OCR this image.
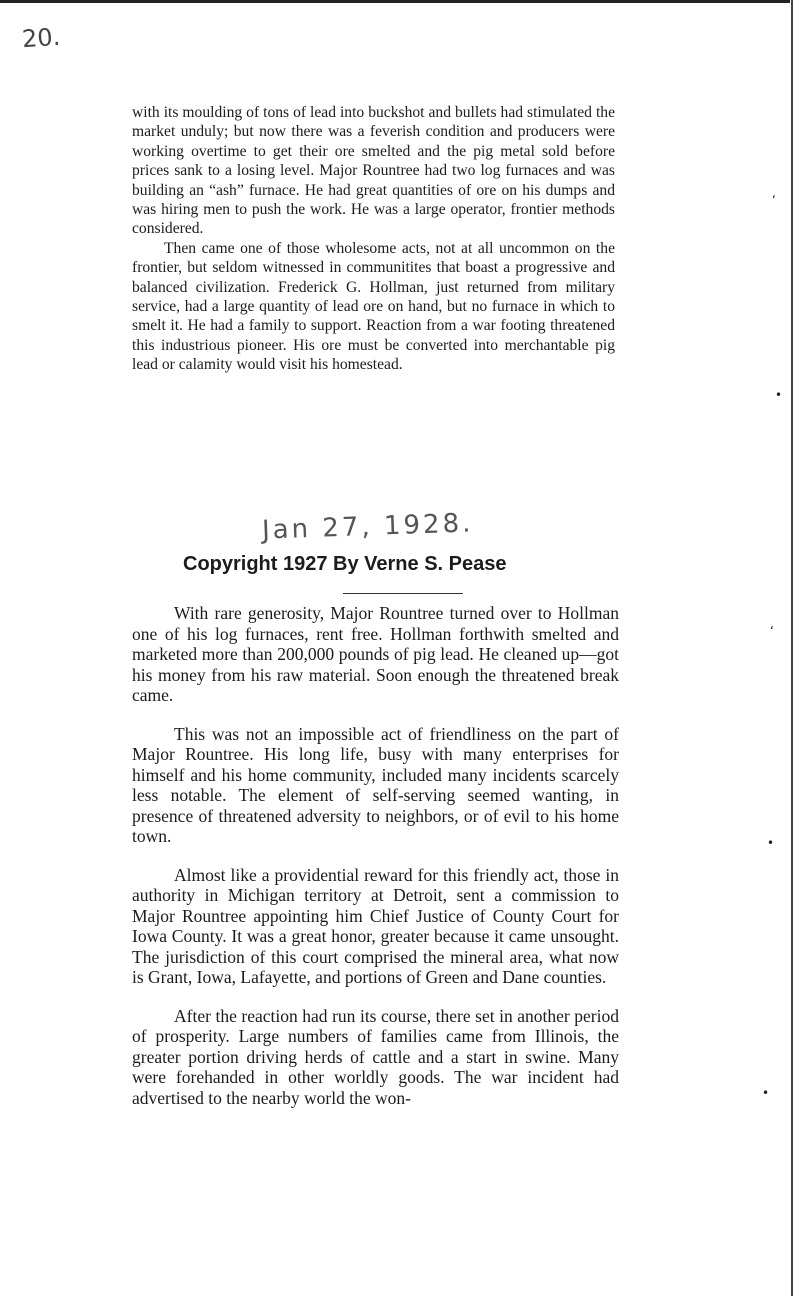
20.

with its moulding of tons of lead into buckshot and bullets had stimulated the market unduly; but now there was a feverish condition and producers were working overtime to get their ore smelted and the pig metal sold before prices sank to a losing level. Major Rountree had two log furnaces and was building an “ash” furnace. He had great quantities of ore on his dumps and was hiring men to push the work. He was a large operator, frontier methods considered.

Then came one of those wholesome acts, not at all uncommon on the frontier, but seldom witnessed in communitites that boast a progressive and balanced civilization. Frederick G. Hollman, just returned from military service, had a large quantity of lead ore on hand, but no furnace in which to smelt it. He had a family to support. Reaction from a war footing threatened this industrious pioneer. His ore must be converted into merchantable pig lead or calamity would visit his homestead.

Jan 27, 1928.
Copyright 1927 By Verne S. Pease

With rare generosity, Major Rountree turned over to Hollman one of his log furnaces, rent free. Hollman forthwith smelted and marketed more than 200,000 pounds of pig lead. He cleaned up—got his money from his raw material. Soon enough the threatened break came.

This was not an impossible act of friendliness on the part of Major Rountree. His long life, busy with many enterprises for himself and his home community, included many incidents scarcely less notable. The element of self-serving seemed wanting, in presence of threatened adversity to neighbors, or of evil to his home town.

Almost like a providential reward for this friendly act, those in authority in Michigan territory at Detroit, sent a commission to Major Rountree appointing him Chief Justice of County Court for Iowa County. It was a great honor, greater because it came unsought. The jurisdiction of this court comprised the mineral area, what now is Grant, Iowa, Lafayette, and portions of Green and Dane counties.

After the reaction had run its course, there set in another period of prosperity. Large numbers of families came from Illinois, the greater portion driving herds of cattle and a start in swine. Many were forehanded in other worldly goods. The war incident had advertised to the nearby world the won-

‘
•
‘
•
•
